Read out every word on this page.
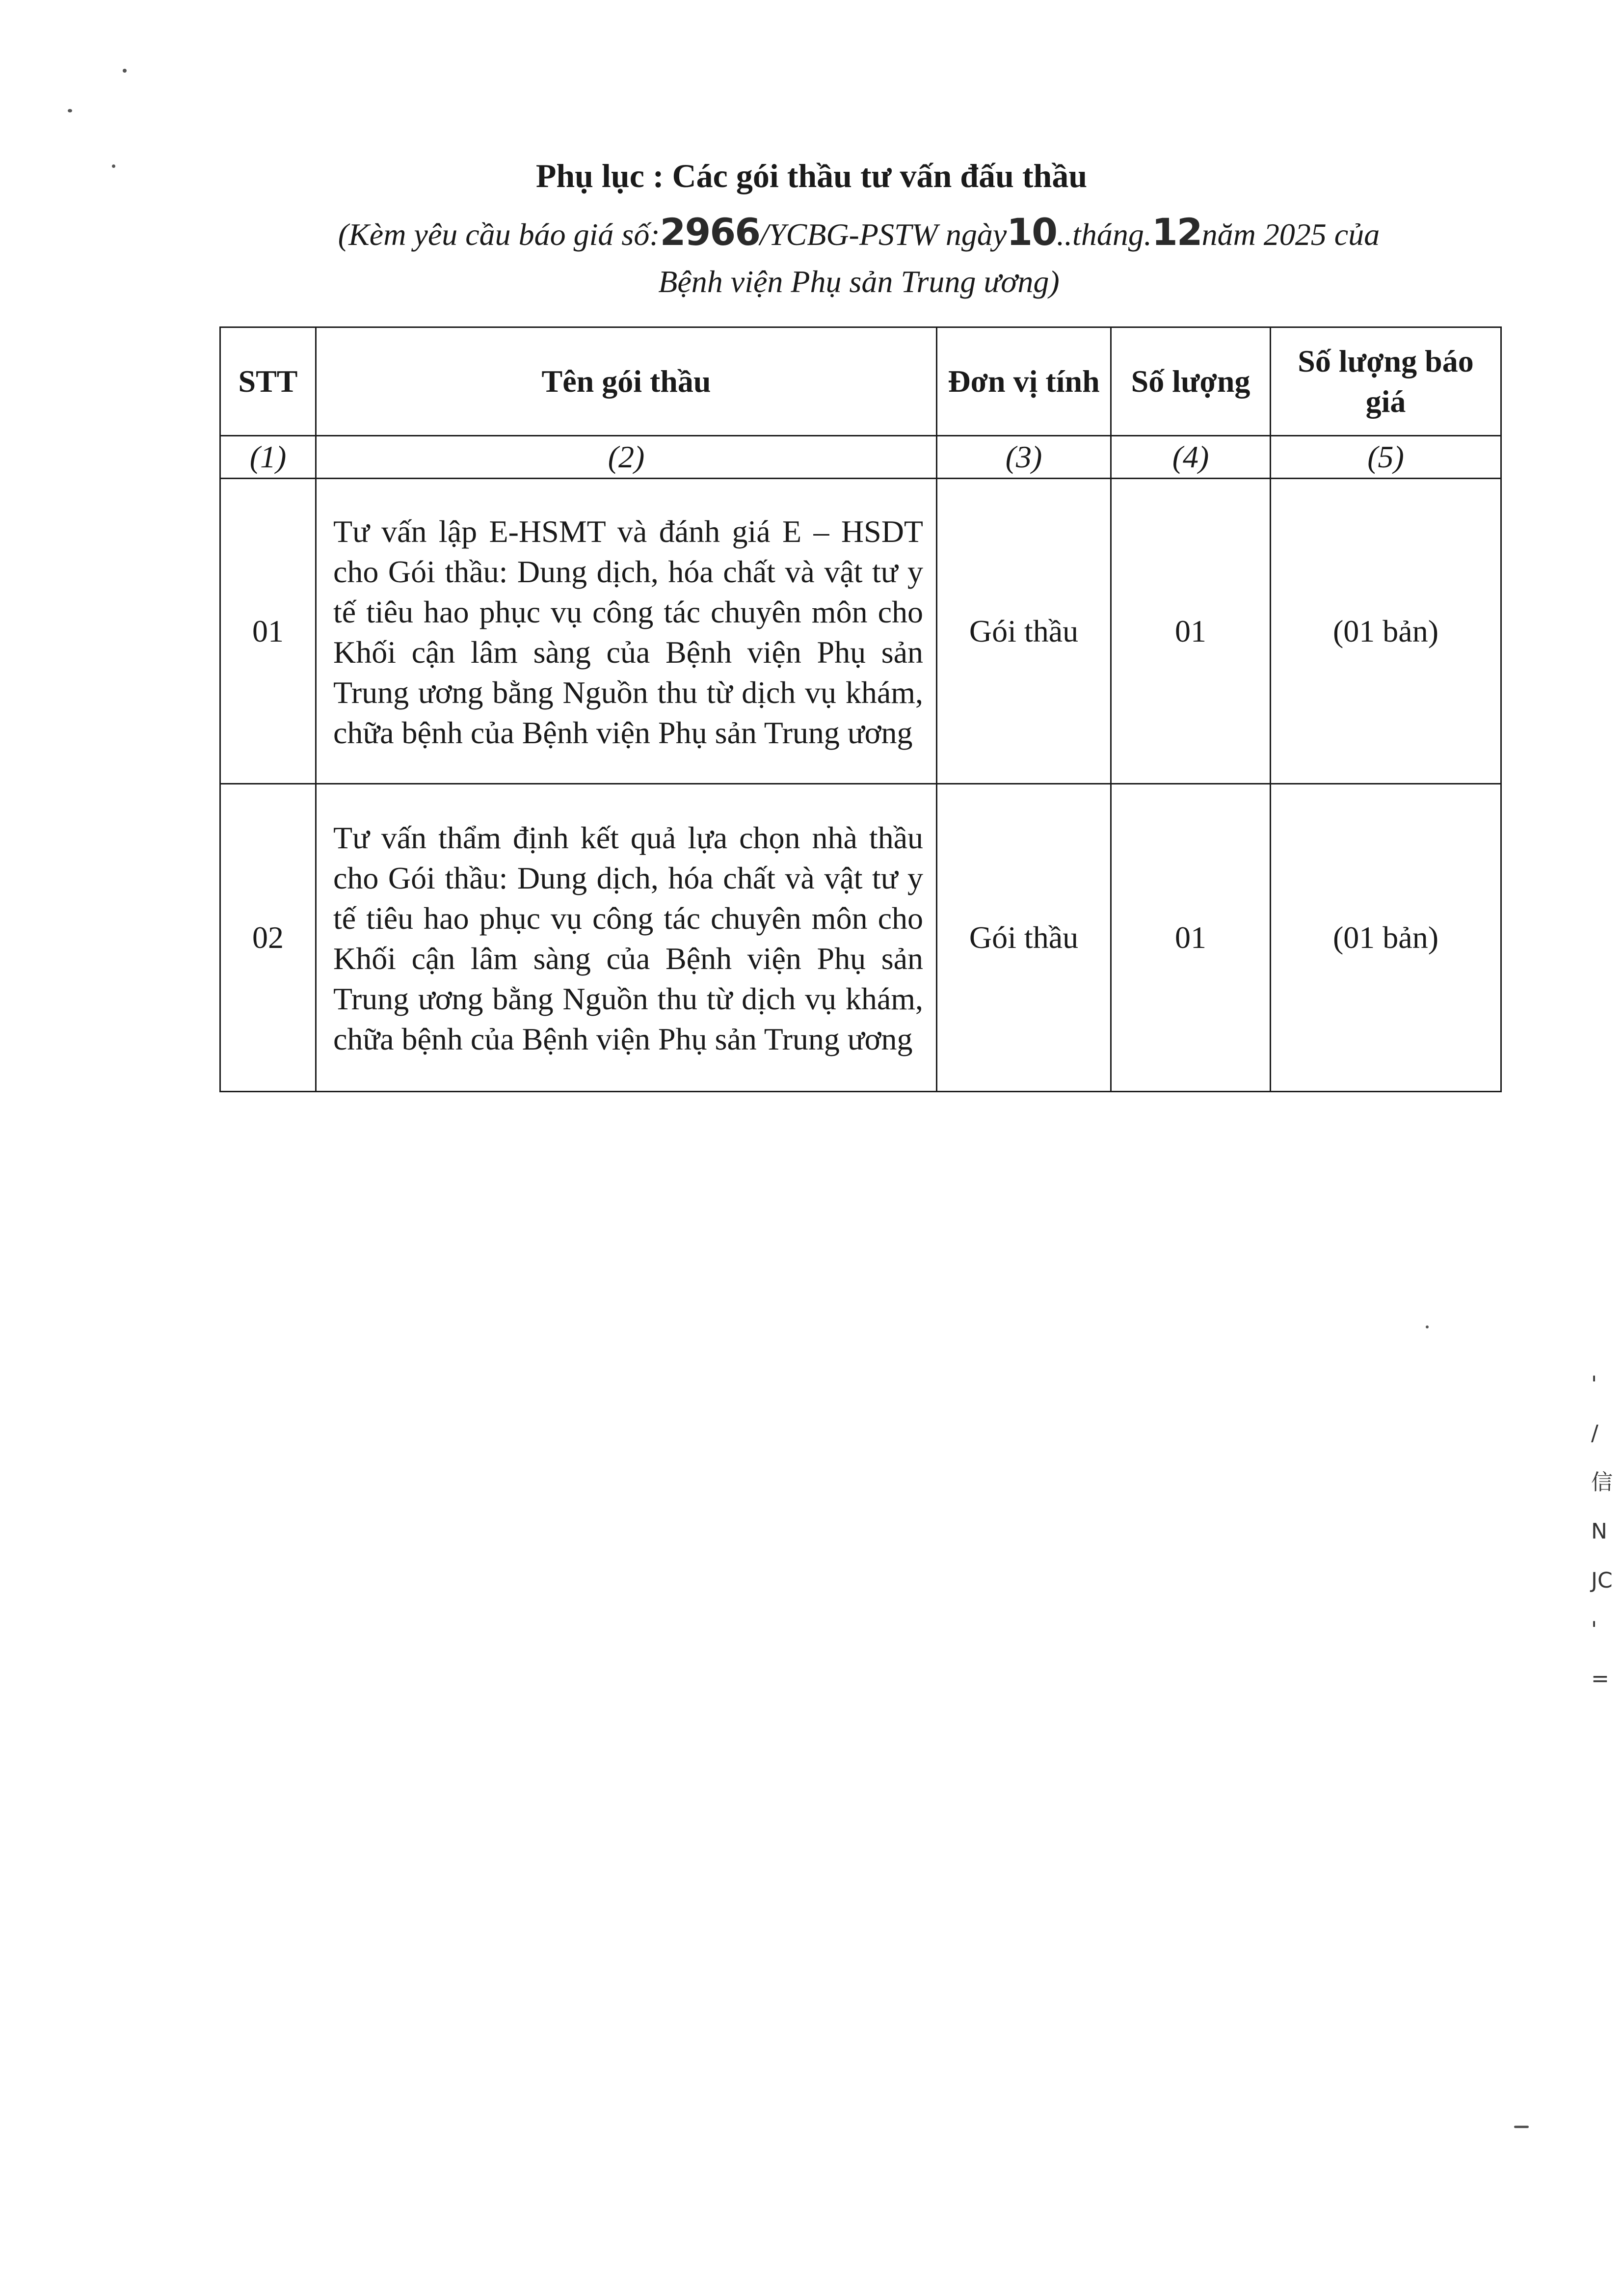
Phụ lục : Các gói thầu tư vấn đấu thầu
(Kèm yêu cầu báo giá số:2966/YCBG-PSTW ngày10..tháng.12năm 2025 của
Bệnh viện Phụ sản Trung ương)
STT	Tên gói thầu	Đơn vị tính	Số lượng	Số lượng báo giá
(1)	(2)	(3)	(4)	(5)
01	Tư vấn lập E-HSMT và đánh giá E – HSDT cho Gói thầu: Dung dịch, hóa chất và vật tư y tế tiêu hao phục vụ công tác chuyên môn cho Khối cận lâm sàng của Bệnh viện Phụ sản Trung ương bằng Nguồn thu từ dịch vụ khám, chữa bệnh của Bệnh viện Phụ sản Trung ương	Gói thầu	01	(01 bản)
02	Tư vấn thẩm định kết quả lựa chọn nhà thầu cho Gói thầu: Dung dịch, hóa chất và vật tư y tế tiêu hao phục vụ công tác chuyên môn cho Khối cận lâm sàng của Bệnh viện Phụ sản Trung ương bằng Nguồn thu từ dịch vụ khám, chữa bệnh của Bệnh viện Phụ sản Trung ương	Gói thầu	01	(01 bản)
'
/
信
N
JC
'
=
